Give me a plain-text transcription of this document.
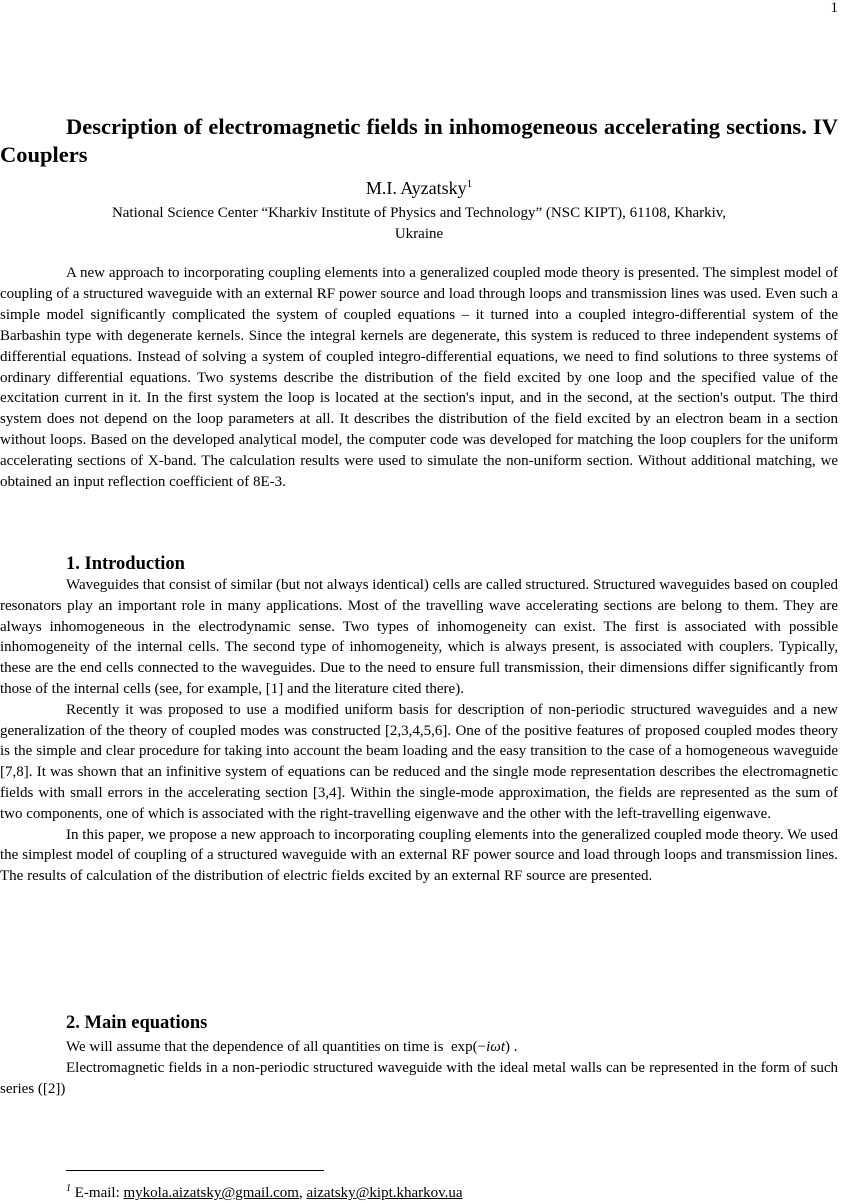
1
Description of electromagnetic fields in inhomogeneous accelerating sections. IV Couplers
M.I. Ayzatsky$^1$
National Science Center “Kharkiv Institute of Physics and Technology” (NSC KIPT), 61108, Kharkiv,
Ukraine

A new approach to incorporating coupling elements into a generalized coupled mode theory is presented. The simplest model of coupling of a structured waveguide with an external RF power source and load through loops and transmission lines was used. Even such a simple model significantly complicated the system of coupled equations – it turned into a coupled integro-differential system of the Barbashin type with degenerate kernels. Since the integral kernels are degenerate, this system is reduced to three independent systems of differential equations. Instead of solving a system of coupled integro-differential equations, we need to find solutions to three systems of ordinary differential equations. Two systems describe the distribution of the field excited by one loop and the specified value of the excitation current in it. In the first system the loop is located at the section's input, and in the second, at the section's output. The third system does not depend on the loop parameters at all. It describes the distribution of the field excited by an electron beam in a section without loops. Based on the developed analytical model, the computer code was developed for matching the loop couplers for the uniform accelerating sections of X-band. The calculation results were used to simulate the non-uniform section. Without additional matching, we obtained an input reflection coefficient of 8E-3.

1. Introduction

Waveguides that consist of similar (but not always identical) cells are called structured. Structured waveguides based on coupled resonators play an important role in many applications. Most of the travelling wave accelerating sections are belong to them. They are always inhomogeneous in the electrodynamic sense. Two types of inhomogeneity can exist. The first is associated with possible inhomogeneity of the internal cells. The second type of inhomogeneity, which is always present, is associated with couplers. Typically, these are the end cells connected to the waveguides. Due to the need to ensure full transmission, their dimensions differ significantly from those of the internal cells (see, for example, [1] and the literature cited there).

Recently it was proposed to use a modified uniform basis for description of non-periodic structured waveguides and a new generalization of the theory of coupled modes was constructed [2,3,4,5,6]. One of the positive features of proposed coupled modes theory is the simple and clear procedure for taking into account the beam loading and the easy transition to the case of a homogeneous waveguide [7,8]. It was shown that an infinitive system of equations can be reduced and the single mode representation describes the electromagnetic fields with small errors in the accelerating section [3,4]. Within the single-mode approximation, the fields are represented as the sum of two components, one of which is associated with the right-travelling eigenwave and the other with the left-travelling eigenwave.

In this paper, we propose a new approach to incorporating coupling elements into the generalized coupled mode theory. We used the simplest model of coupling of a structured waveguide with an external RF power source and load through loops and transmission lines. The results of calculation of the distribution of electric fields excited by an external RF source are presented.

2. Main equations

We will assume that the dependence of all quantities on time is exp(−iωt) .

Electromagnetic fields in a non-periodic structured waveguide with the ideal metal walls can be represented in the form of such series ([2])

$^1$ E-mail: mykola.aizatsky@gmail.com, aizatsky@kipt.kharkov.ua
